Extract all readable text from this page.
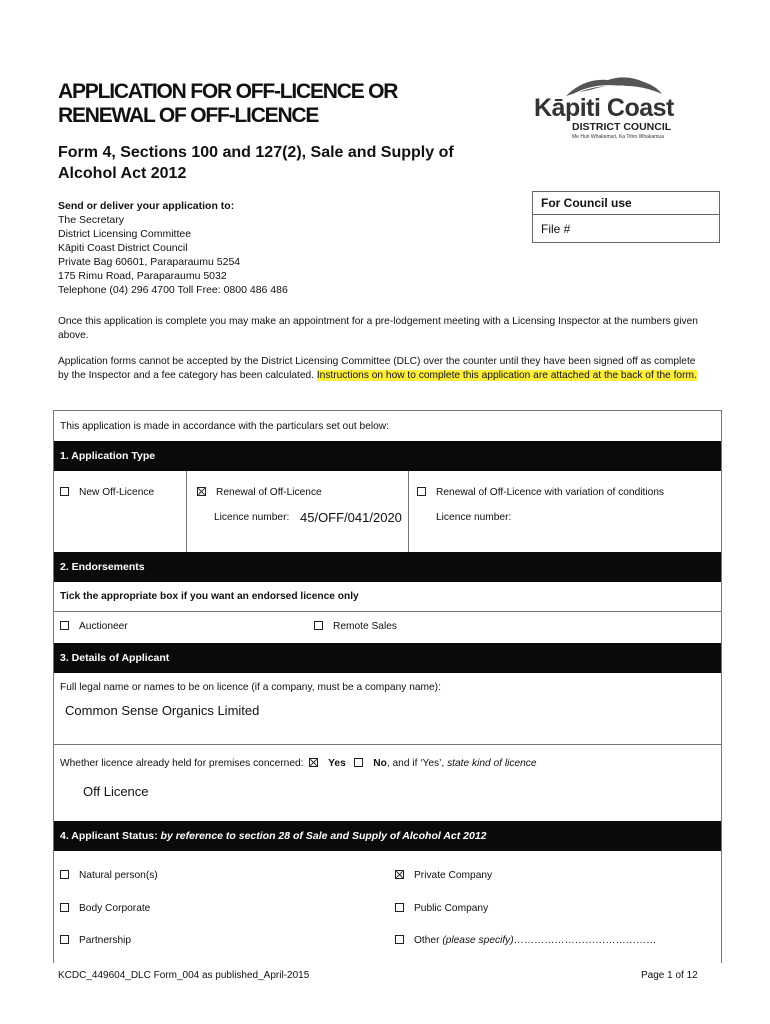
APPLICATION FOR OFF-LICENCE OR
RENEWAL OF OFF-LICENCE
Form 4, Sections 100 and 127(2), Sale and Supply of
Alcohol Act 2012
Kāpiti Coast
DISTRICT COUNCIL
Me Huri Whakamuri, Ka Titiro Whakamua
Send or deliver your application to:
The Secretary
District Licensing Committee
Kāpiti Coast District Council
Private Bag 60601, Paraparaumu 5254
175 Rimu Road, Paraparaumu 5032
Telephone (04) 296 4700 Toll Free: 0800 486 486
For Council use
File #
Once this application is complete you may make an appointment for a pre-lodgement meeting with a Licensing Inspector at the numbers given above.
Application forms cannot be accepted by the District Licensing Committee (DLC) over the counter until they have been signed off as complete by the Inspector and a fee category has been calculated. Instructions on how to complete this application are attached at the back of the form.
This application is made in accordance with the particulars set out below:
1. Application Type
New Off-Licence	Renewal of Off-Licence	Renewal of Off-Licence with variation of conditions
Licence number: 45/OFF/041/2020	Licence number:
2. Endorsements
Tick the appropriate box if you want an endorsed licence only
Auctioneer	Remote Sales
3. Details of Applicant
Full legal name or names to be on licence (if a company, must be a company name):
Common Sense Organics Limited
Whether licence already held for premises concerned: Yes	No, and if ‘Yes’, state kind of licence
Off Licence
4. Applicant Status: by reference to section 28 of Sale and Supply of Alcohol Act 2012
Natural person(s)	Private Company
Body Corporate	Public Company
Partnership	Other (please specify)……………………………………
KCDC_449604_DLC Form_004 as published_April-2015	Page 1 of 12
